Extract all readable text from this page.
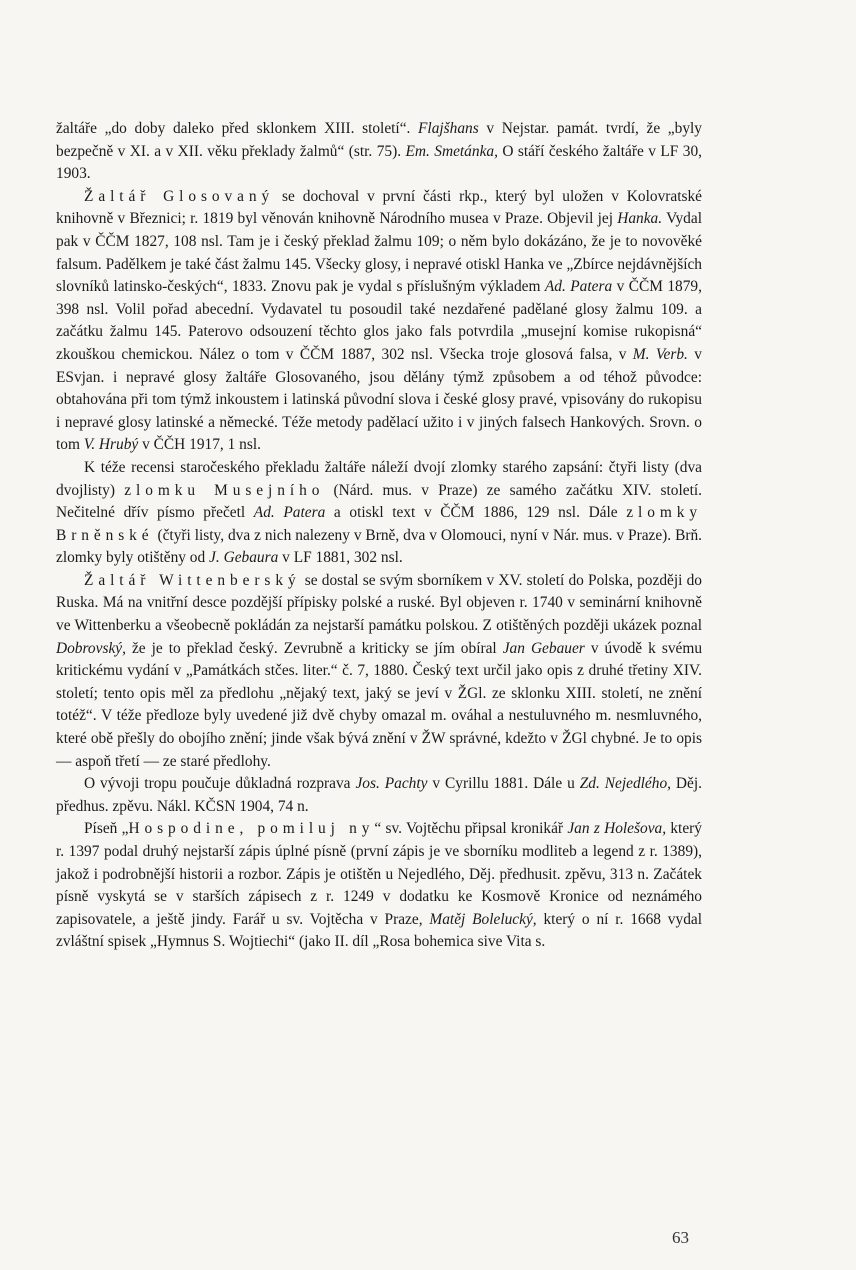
žaltáře „do doby daleko před sklonkem XIII. století“. Flajšhans v Nejstar. památ. tvrdí, že „byly bezpečně v XI. a v XII. věku překlady žalmů“ (str. 75). Em. Smetánka, O stáří českého žaltáře v LF 30, 1903.

Žaltář Glosovaný se dochoval v první části rkp., který byl uložen v Kolovratské knihovně v Březnici; r. 1819 byl věnován knihovně Národního musea v Praze. Objevil jej Hanka. Vydal pak v ČČM 1827, 108 nsl. Tam je i český překlad žalmu 109; o něm bylo dokázáno, že je to novověké falsum. Padělkem je také část žalmu 145. Všecky glosy, i nepravé otiskl Hanka ve „Zbírce nejdávnějších slovníků latinsko-českých“, 1833. Znovu pak je vydal s příslušným výkladem Ad. Patera v ČČM 1879, 398 nsl. Volil pořad abecední. Vydavatel tu posoudil také nezdařené padělané glosy žalmu 109. a začátku žalmu 145. Paterovo odsouzení těchto glos jako fals potvrdila „musejní komise rukopisná“ zkouškou chemickou. Nález o tom v ČČM 1887, 302 nsl. Všecka troje glosová falsa, v M. Verb. v ESvjan. i nepravé glosy žaltáře Glosovaného, jsou dělány týmž způsobem a od téhož původce: obtahována při tom týmž inkoustem i latinská původní slova i české glosy pravé, vpisovány do rukopisu i nepravé glosy latinské a německé. Téže metody padělací užito i v jiných falsech Hankových. Srovn. o tom V. Hrubý v ČČH 1917, 1 nsl.

K téže recensi staročeského překladu žaltáře náleží dvojí zlomky starého zapsání: čtyři listy (dva dvojlisty) zlomku Musejního (Nárd. mus. v Praze) ze samého začátku XIV. století. Nečitelné dřív písmo přečetl Ad. Patera a otiskl text v ČČM 1886, 129 nsl. Dále zlomky Brněnské (čtyři listy, dva z nich nalezeny v Brně, dva v Olomouci, nyní v Nár. mus. v Praze). Brň. zlomky byly otištěny od J. Gebaura v LF 1881, 302 nsl.

Žaltář Wittenberský se dostal se svým sborníkem v XV. století do Polska, později do Ruska. Má na vnitřní desce pozdější přípisky polské a ruské. Byl objeven r. 1740 v seminární knihovně ve Wittenberku a všeobecně pokládán za nejstarší památku polskou. Z otištěných později ukázek poznal Dobrovský, že je to překlad český. Zevrubně a kriticky se jím obíral Jan Gebauer v úvodě k svému kritickému vydání v „Památkách stčes. liter.“ č. 7, 1880. Český text určil jako opis z druhé třetiny XIV. století; tento opis měl za předlohu „nějaký text, jaký se jeví v ŽGl. ze sklonku XIII. století, ne znění totéž“. V téže předloze byly uvedené již dvě chyby omazal m. ováhal a nestuluvného m. nesmluvného, které obě přešly do obojího znění; jinde však bývá znění v ŽW správné, kdežto v ŽGl chybné. Je to opis — aspoň třetí — ze staré předlohy.

O vývoji tropu poučuje důkladná rozprava Jos. Pachty v Cyrillu 1881. Dále u Zd. Nejedlého, Děj. předhus. zpěvu. Nákl. KČSN 1904, 74 n.

Píseň „Hospodine, pomiluj ny“ sv. Vojtěchu připsal kronikář Jan z Holešova, který r. 1397 podal druhý nejstarší zápis úplné písně (první zápis je ve sborníku modliteb a legend z r. 1389), jakož i podrobnější historii a rozbor. Zápis je otištěn u Nejedlého, Děj. předhusit. zpěvu, 313 n. Začátek písně vyskytá se v starších zápisech z r. 1249 v dodatku ke Kosmově Kronice od neznámého zapisovatele, a ještě jindy. Farář u sv. Vojtěcha v Praze, Matěj Bolelucký, který o ní r. 1668 vydal zvláštní spisek „Hymnus S. Wojtiechi“ (jako II. díl „Rosa bohemica sive Vita s.

63
